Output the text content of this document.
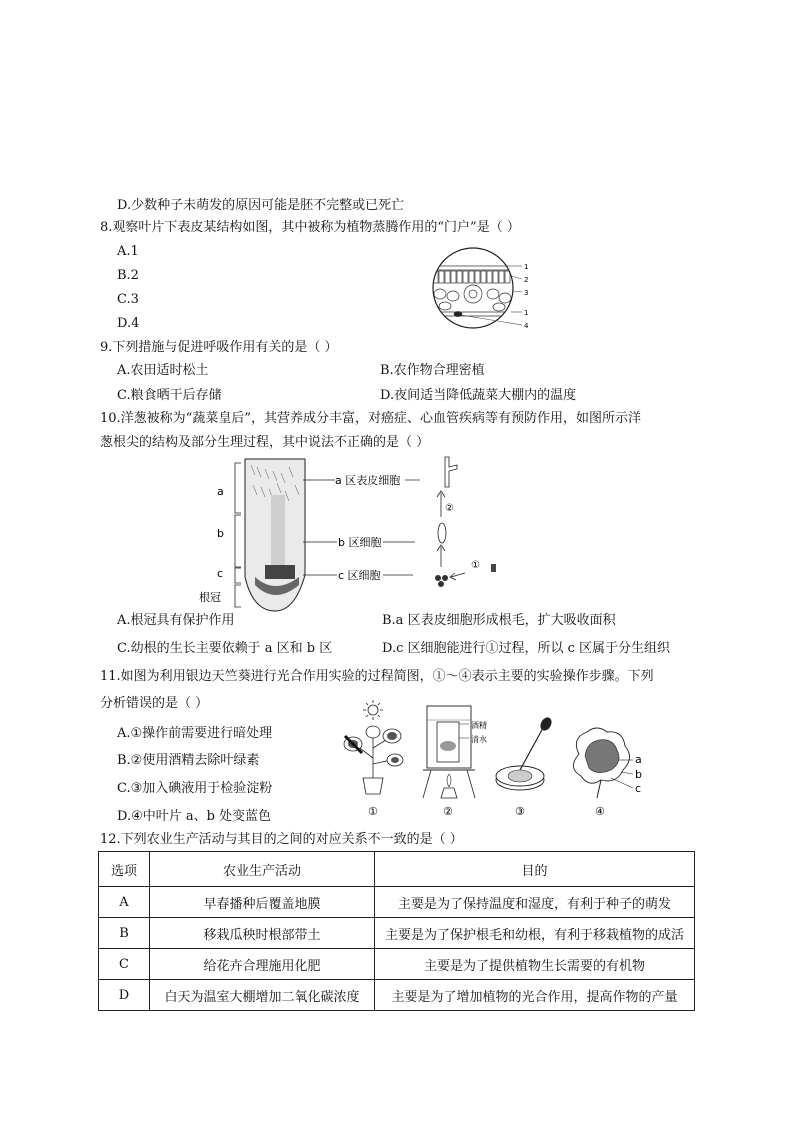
D.少数种子未萌发的原因可能是胚不完整或已死亡
8.观察叶片下表皮某结构如图，其中被称为植物蒸腾作用的“门户”是（ ）
A.1
B.2
C.3
D.4
1
2
3
1
4
9.下列措施与促进呼吸作用有关的是（ ）
A.农田适时松土	B.农作物合理密植
C.粮食晒干后存储	D.夜间适当降低蔬菜大棚内的温度
10.洋葱被称为“蔬菜皇后”，其营养成分丰富，对癌症、心血管疾病等有预防作用，如图所示洋
葱根尖的结构及部分生理过程，其中说法不正确的是（ ）
a
b
c
根冠
a 区表皮细胞
b 区细胞
c 区细胞
②
①
A.根冠具有保护作用	B.a 区表皮细胞形成根毛，扩大吸收面积
C.幼根的生长主要依赖于 a 区和 b 区	D.c 区细胞能进行①过程，所以 c 区属于分生组织
11.如图为利用银边天竺葵进行光合作用实验的过程简图，①～④表示主要的实验操作步骤。下列
分析错误的是（ ）
A.①操作前需要进行暗处理
B.②使用酒精去除叶绿素
C.③加入碘液用于检验淀粉
D.④中叶片 a、b 处变蓝色	①
酒精
清水
②	③
a
b
c
④
12.下列农业生产活动与其目的之间的对应关系不一致的是（ ）
选项	农业生产活动	目的
A	早春播种后覆盖地膜	主要是为了保持温度和湿度，有利于种子的萌发
B	移栽瓜秧时根部带土	主要是为了保护根毛和幼根，有利于移栽植物的成活
C	给花卉合理施用化肥	主要是为了提供植物生长需要的有机物
D	白天为温室大棚增加二氧化碳浓度	主要是为了增加植物的光合作用，提高作物的产量
